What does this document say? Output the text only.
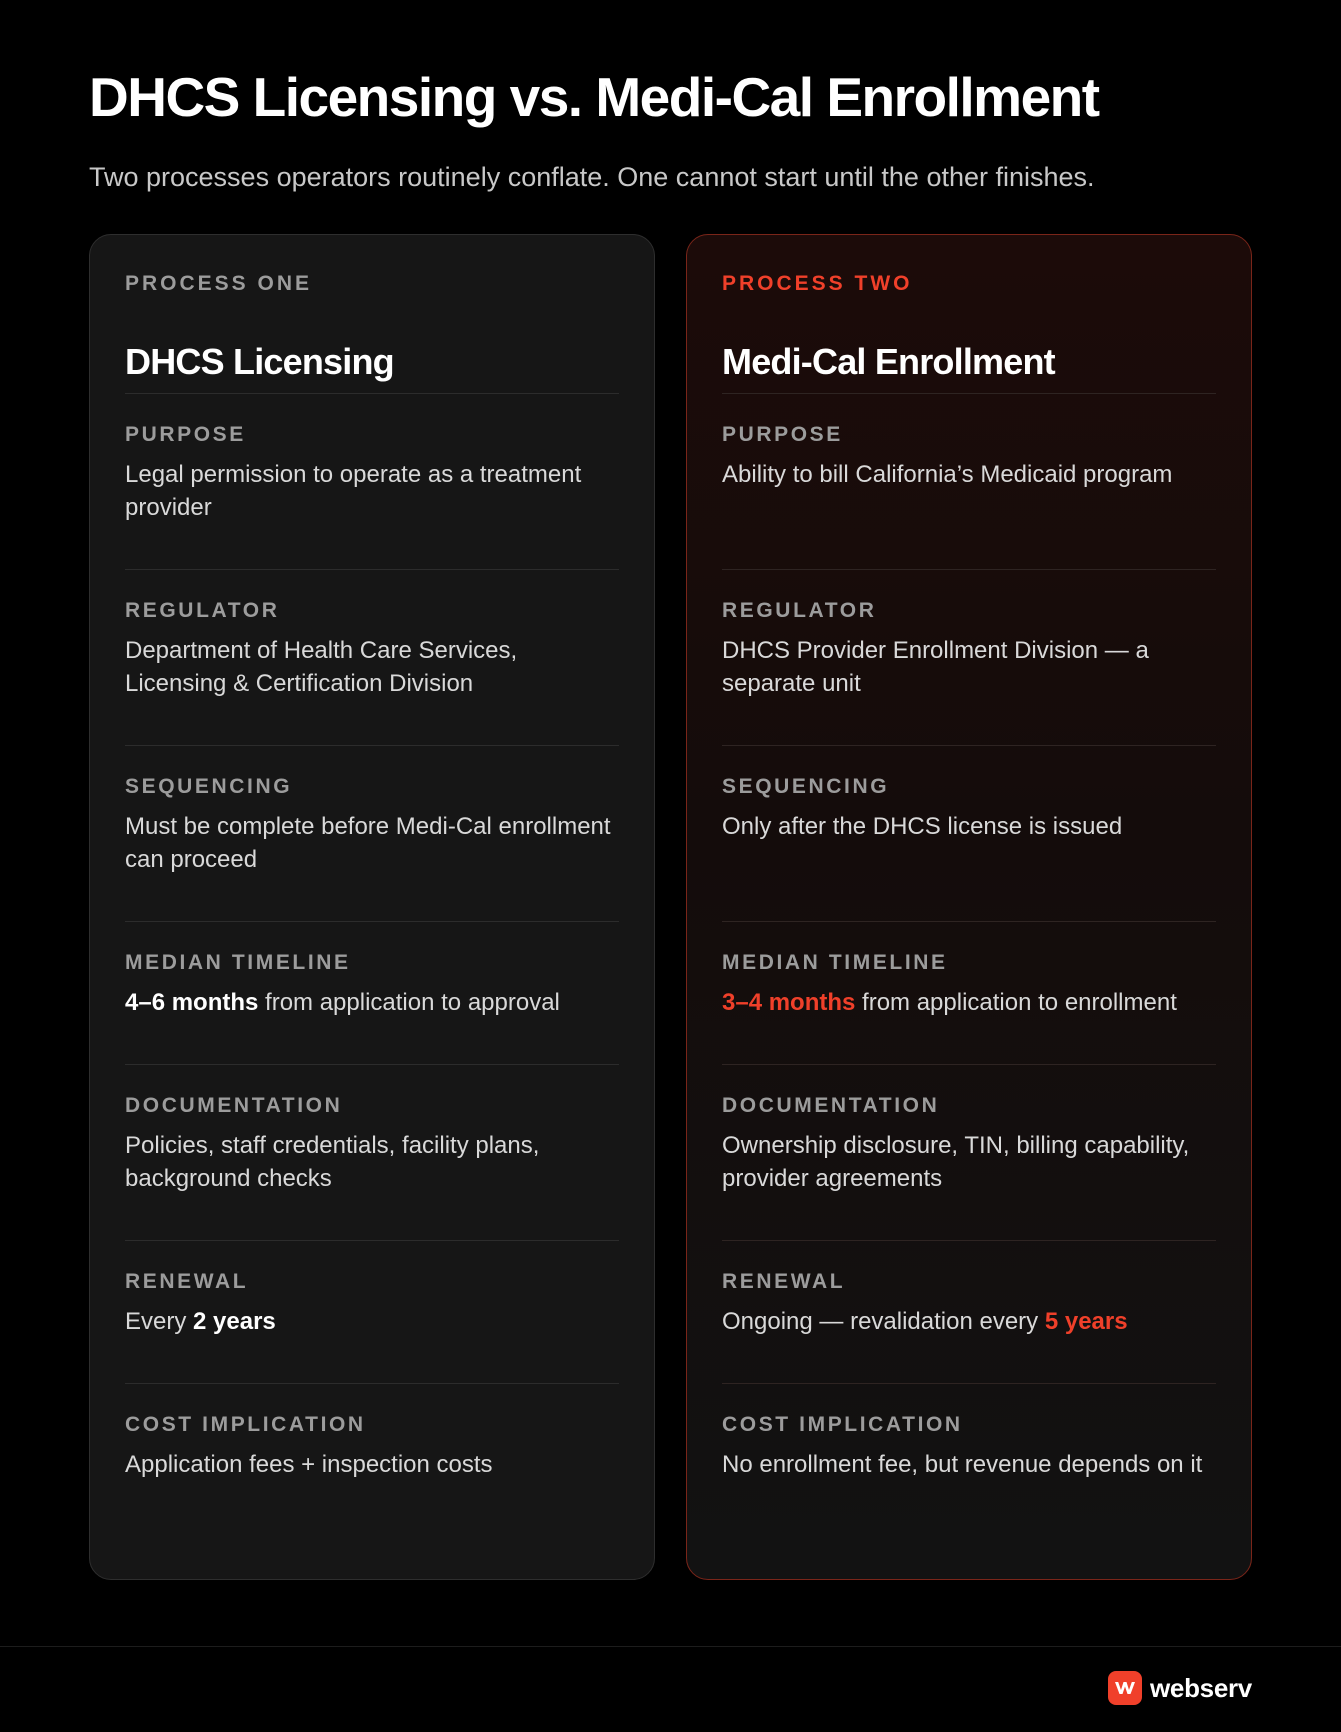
DHCS Licensing vs. Medi-Cal Enrollment

Two processes operators routinely conflate. One cannot start until the other finishes.

PROCESS ONE
DHCS Licensing
PURPOSE
Legal permission to operate as a treatment provider
REGULATOR
Department of Health Care Services, Licensing & Certification Division
SEQUENCING
Must be complete before Medi-Cal enrollment can proceed
MEDIAN TIMELINE
4–6 months from application to approval
DOCUMENTATION
Policies, staff credentials, facility plans, background checks
RENEWAL
Every 2 years
COST IMPLICATION
Application fees + inspection costs
PROCESS TWO
Medi-Cal Enrollment
PURPOSE
Ability to bill California’s Medicaid program
REGULATOR
DHCS Provider Enrollment Division — a separate unit
SEQUENCING
Only after the DHCS license is issued
MEDIAN TIMELINE
3–4 months from application to enrollment
DOCUMENTATION
Ownership disclosure, TIN, billing capability, provider agreements
RENEWAL
Ongoing — revalidation every 5 years
COST IMPLICATION
No enrollment fee, but revenue depends on it
webserv
